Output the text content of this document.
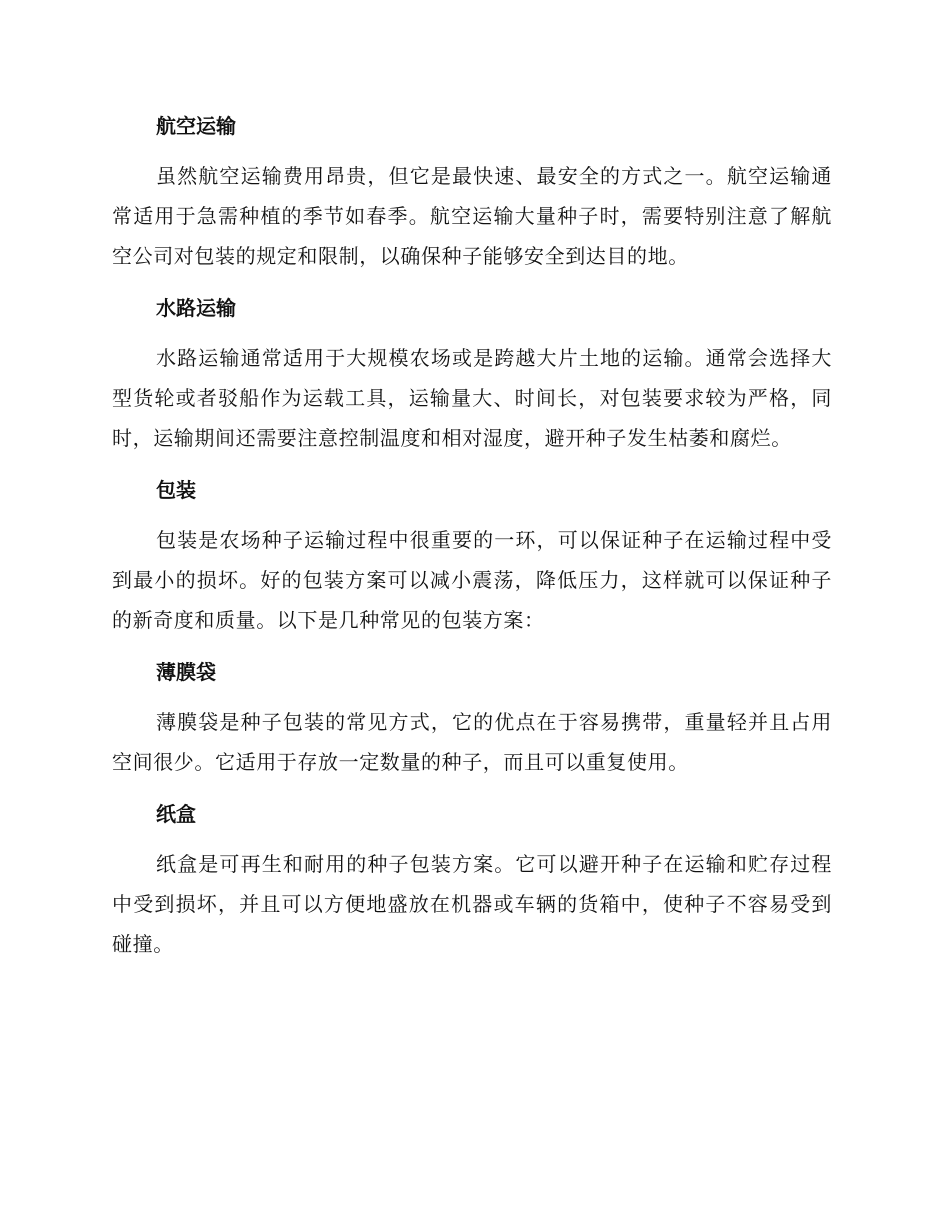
航空运输

虽然航空运输费用昂贵，但它是最快速、最安全的方式之一。航空运输通常适用于急需种植的季节如春季。航空运输大量种子时，需要特别注意了解航空公司对包装的规定和限制，以确保种子能够安全到达目的地。

水路运输

水路运输通常适用于大规模农场或是跨越大片土地的运输。通常会选择大型货轮或者驳船作为运载工具，运输量大、时间长，对包装要求较为严格，同时，运输期间还需要注意控制温度和相对湿度，避开种子发生枯萎和腐烂。

包装

包装是农场种子运输过程中很重要的一环，可以保证种子在运输过程中受到最小的损坏。好的包装方案可以减小震荡，降低压力，这样就可以保证种子的新奇度和质量。以下是几种常见的包装方案：

薄膜袋

薄膜袋是种子包装的常见方式，它的优点在于容易携带，重量轻并且占用空间很少。它适用于存放一定数量的种子，而且可以重复使用。

纸盒

纸盒是可再生和耐用的种子包装方案。它可以避开种子在运输和贮存过程中受到损坏，并且可以方便地盛放在机器或车辆的货箱中，使种子不容易受到碰撞。
